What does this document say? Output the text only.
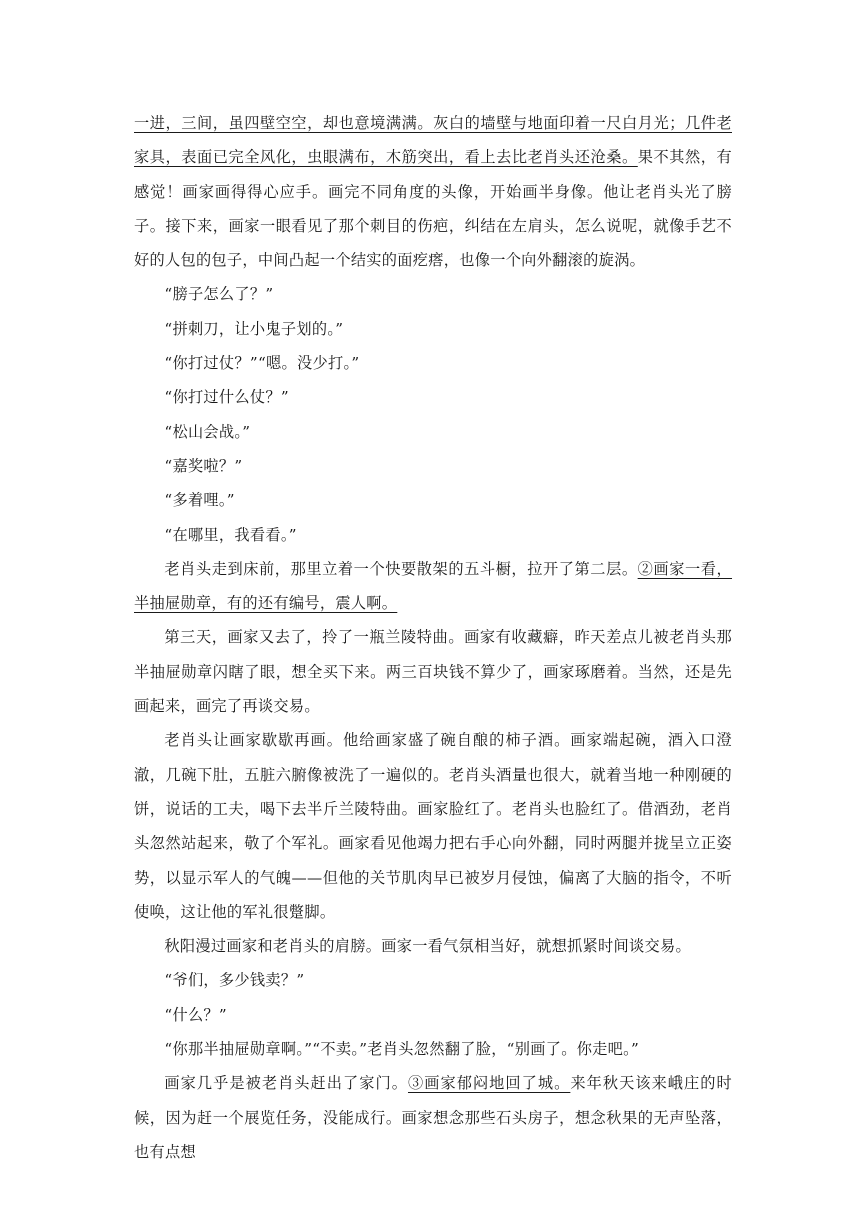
一进，三间，虽四壁空空，却也意境满满。灰白的墙壁与地面印着一尺白月光；几件老家具，表面已完全风化，虫眼满布，木筋突出，看上去比老肖头还沧桑。果不其然，有感觉！画家画得得心应手。画完不同角度的头像，开始画半身像。他让老肖头光了膀子。接下来，画家一眼看见了那个刺目的伤疤，纠结在左肩头，怎么说呢，就像手艺不好的人包的包子，中间凸起一个结实的面疙瘩，也像一个向外翻滚的旋涡。

“膀子怎么了？”

“拼刺刀，让小鬼子划的。”

“你打过仗？”“嗯。没少打。”

“你打过什么仗？”

“松山会战。”

“嘉奖啦？”

“多着哩。”

“在哪里，我看看。”

老肖头走到床前，那里立着一个快要散架的五斗橱，拉开了第二层。②画家一看，半抽屉勋章，有的还有编号，震人啊。

第三天，画家又去了，拎了一瓶兰陵特曲。画家有收藏癖，昨天差点儿被老肖头那半抽屉勋章闪瞎了眼，想全买下来。两三百块钱不算少了，画家琢磨着。当然，还是先画起来，画完了再谈交易。

老肖头让画家歇歇再画。他给画家盛了碗自酿的柿子酒。画家端起碗，酒入口澄澈，几碗下肚，五脏六腑像被洗了一遍似的。老肖头酒量也很大，就着当地一种刚硬的饼，说话的工夫，喝下去半斤兰陵特曲。画家脸红了。老肖头也脸红了。借酒劲，老肖头忽然站起来，敬了个军礼。画家看见他竭力把右手心向外翻，同时两腿并拢呈立正姿势，以显示军人的气魄——但他的关节肌肉早已被岁月侵蚀，偏离了大脑的指令，不听使唤，这让他的军礼很蹩脚。

秋阳漫过画家和老肖头的肩膀。画家一看气氛相当好，就想抓紧时间谈交易。

“爷们，多少钱卖？”

“什么？”

“你那半抽屉勋章啊。”“不卖。”老肖头忽然翻了脸，“别画了。你走吧。”

画家几乎是被老肖头赶出了家门。③画家郁闷地回了城。来年秋天该来峨庄的时候，因为赶一个展览任务，没能成行。画家想念那些石头房子，想念秋果的无声坠落，也有点想
